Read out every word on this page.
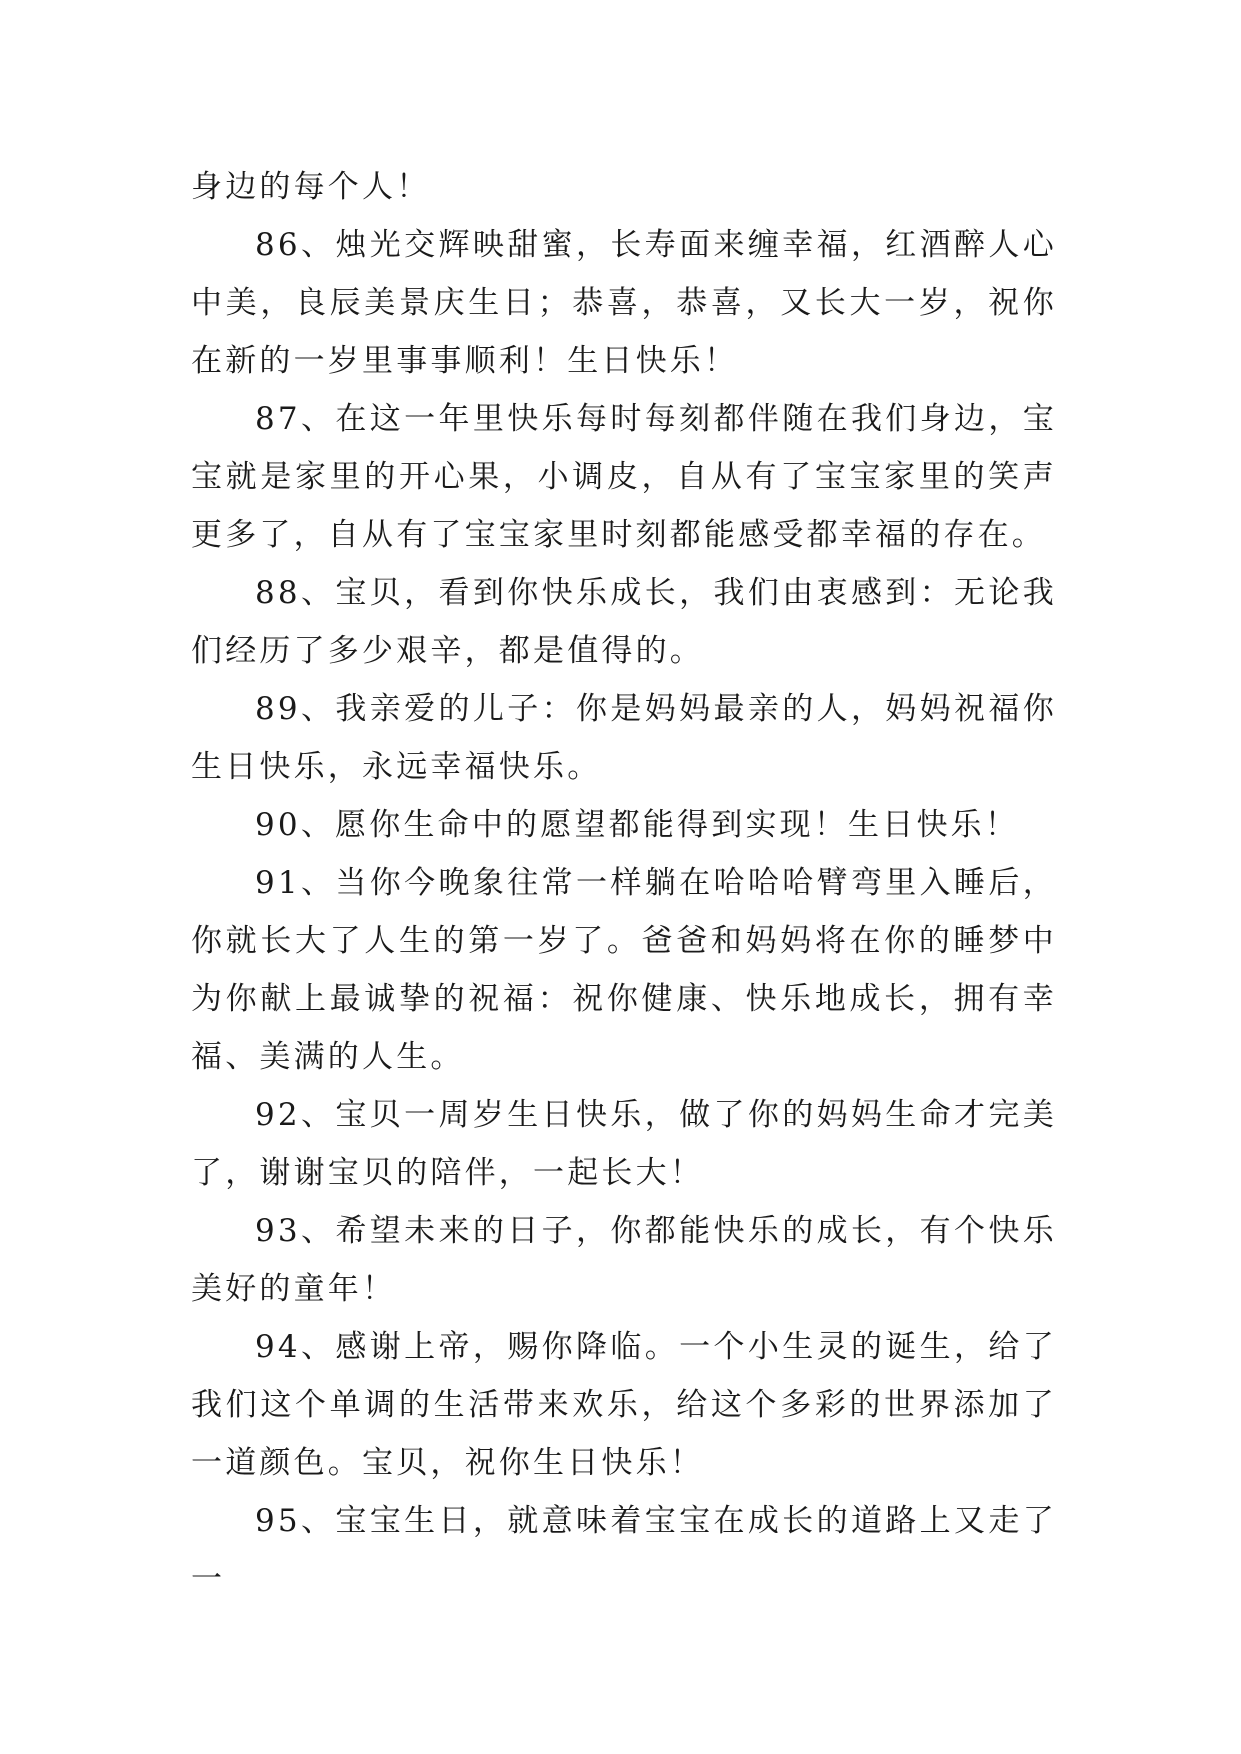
身边的每个人！

86、烛光交辉映甜蜜，长寿面来缠幸福，红酒醉人心中美，良辰美景庆生日；恭喜，恭喜，又长大一岁，祝你在新的一岁里事事顺利！生日快乐！

87、在这一年里快乐每时每刻都伴随在我们身边，宝宝就是家里的开心果，小调皮，自从有了宝宝家里的笑声更多了，自从有了宝宝家里时刻都能感受都幸福的存在。

88、宝贝，看到你快乐成长，我们由衷感到：无论我们经历了多少艰辛，都是值得的。

89、我亲爱的儿子：你是妈妈最亲的人，妈妈祝福你生日快乐，永远幸福快乐。

90、愿你生命中的愿望都能得到实现！生日快乐！

91、当你今晚象往常一样躺在哈哈哈臂弯里入睡后，你就长大了人生的第一岁了。爸爸和妈妈将在你的睡梦中为你献上最诚挚的祝福：祝你健康、快乐地成长，拥有幸福、美满的人生。

92、宝贝一周岁生日快乐，做了你的妈妈生命才完美了，谢谢宝贝的陪伴，一起长大！

93、希望未来的日子，你都能快乐的成长，有个快乐美好的童年！

94、感谢上帝，赐你降临。一个小生灵的诞生，给了我们这个单调的生活带来欢乐，给这个多彩的世界添加了一道颜色。宝贝，祝你生日快乐！

95、宝宝生日，就意味着宝宝在成长的道路上又走了一
